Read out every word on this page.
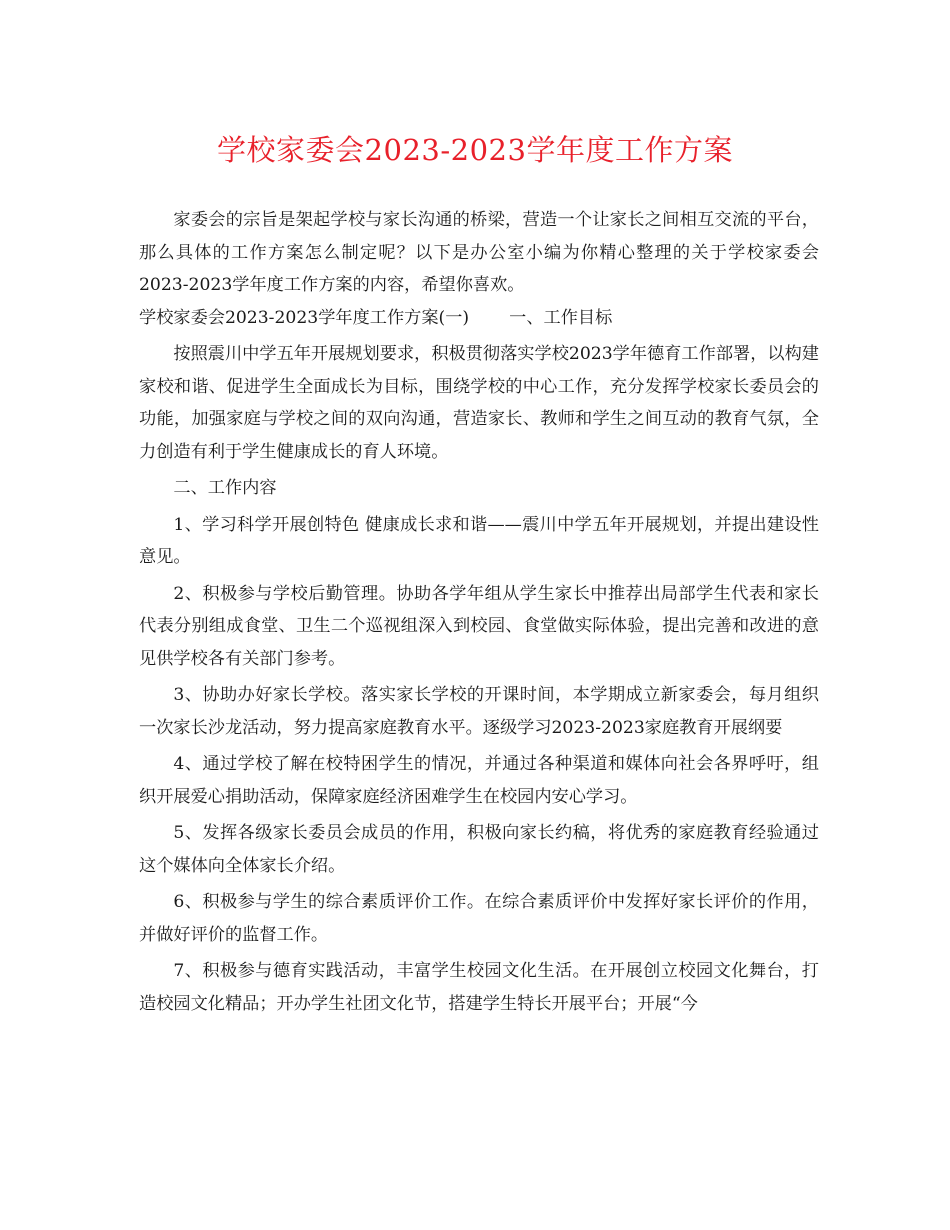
学校家委会2023-2023学年度工作方案

家委会的宗旨是架起学校与家长沟通的桥梁，营造一个让家长之间相互交流的平台，那么具体的工作方案怎么制定呢？以下是办公室小编为你精心整理的关于学校家委会2023-2023学年度工作方案的内容，希望你喜欢。

学校家委会2023-2023学年度工作方案(一) 一、工作目标

按照震川中学五年开展规划要求，积极贯彻落实学校2023学年德育工作部署，以构建家校和谐、促进学生全面成长为目标，围绕学校的中心工作，充分发挥学校家长委员会的功能，加强家庭与学校之间的双向沟通，营造家长、教师和学生之间互动的教育气氛，全力创造有利于学生健康成长的育人环境。

二、工作内容

1、学习科学开展创特色 健康成长求和谐——震川中学五年开展规划，并提出建设性意见。

2、积极参与学校后勤管理。协助各学年组从学生家长中推荐出局部学生代表和家长代表分别组成食堂、卫生二个巡视组深入到校园、食堂做实际体验，提出完善和改进的意见供学校各有关部门参考。

3、协助办好家长学校。落实家长学校的开课时间，本学期成立新家委会，每月组织一次家长沙龙活动，努力提高家庭教育水平。逐级学习2023-2023家庭教育开展纲要

4、通过学校了解在校特困学生的情况，并通过各种渠道和媒体向社会各界呼吁，组织开展爱心捐助活动，保障家庭经济困难学生在校园内安心学习。

5、发挥各级家长委员会成员的作用，积极向家长约稿，将优秀的家庭教育经验通过这个媒体向全体家长介绍。

6、积极参与学生的综合素质评价工作。在综合素质评价中发挥好家长评价的作用，并做好评价的监督工作。

7、积极参与德育实践活动，丰富学生校园文化生活。在开展创立校园文化舞台，打造校园文化精品；开办学生社团文化节，搭建学生特长开展平台；开展“今
